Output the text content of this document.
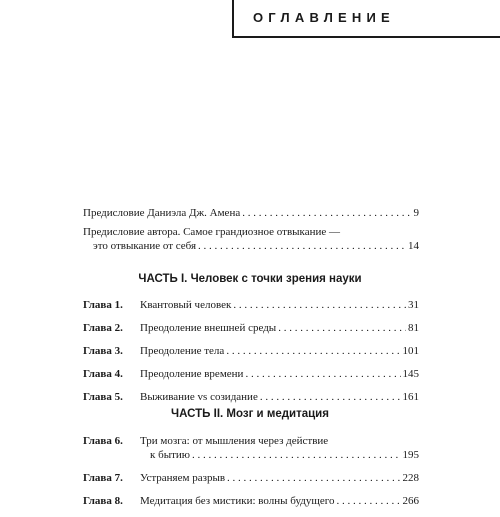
ОГЛАВЛЕНИЕ
Предисловие Даниэла Дж. Амена . . .	9
Предисловие автора. Самое грандиозное отвыкание —
это отвыкание от себя . . .	14
ЧАСТЬ I. Человек с точки зрения науки
Глава 1.	Квантовый человек . . .	31
Глава 2.	Преодоление внешней среды . . .	81
Глава 3.	Преодоление тела . . .	101
Глава 4.	Преодоление времени . . .	145
Глава 5.	Выживание vs созидание . . .	161
ЧАСТЬ II. Мозг и медитация
Глава 6.	Три мозга: от мышления через действие
к бытию . . .	195
Глава 7.	Устраняем разрыв . . .	228
Глава 8.	Медитация без мистики: волны будущего . . .	266
